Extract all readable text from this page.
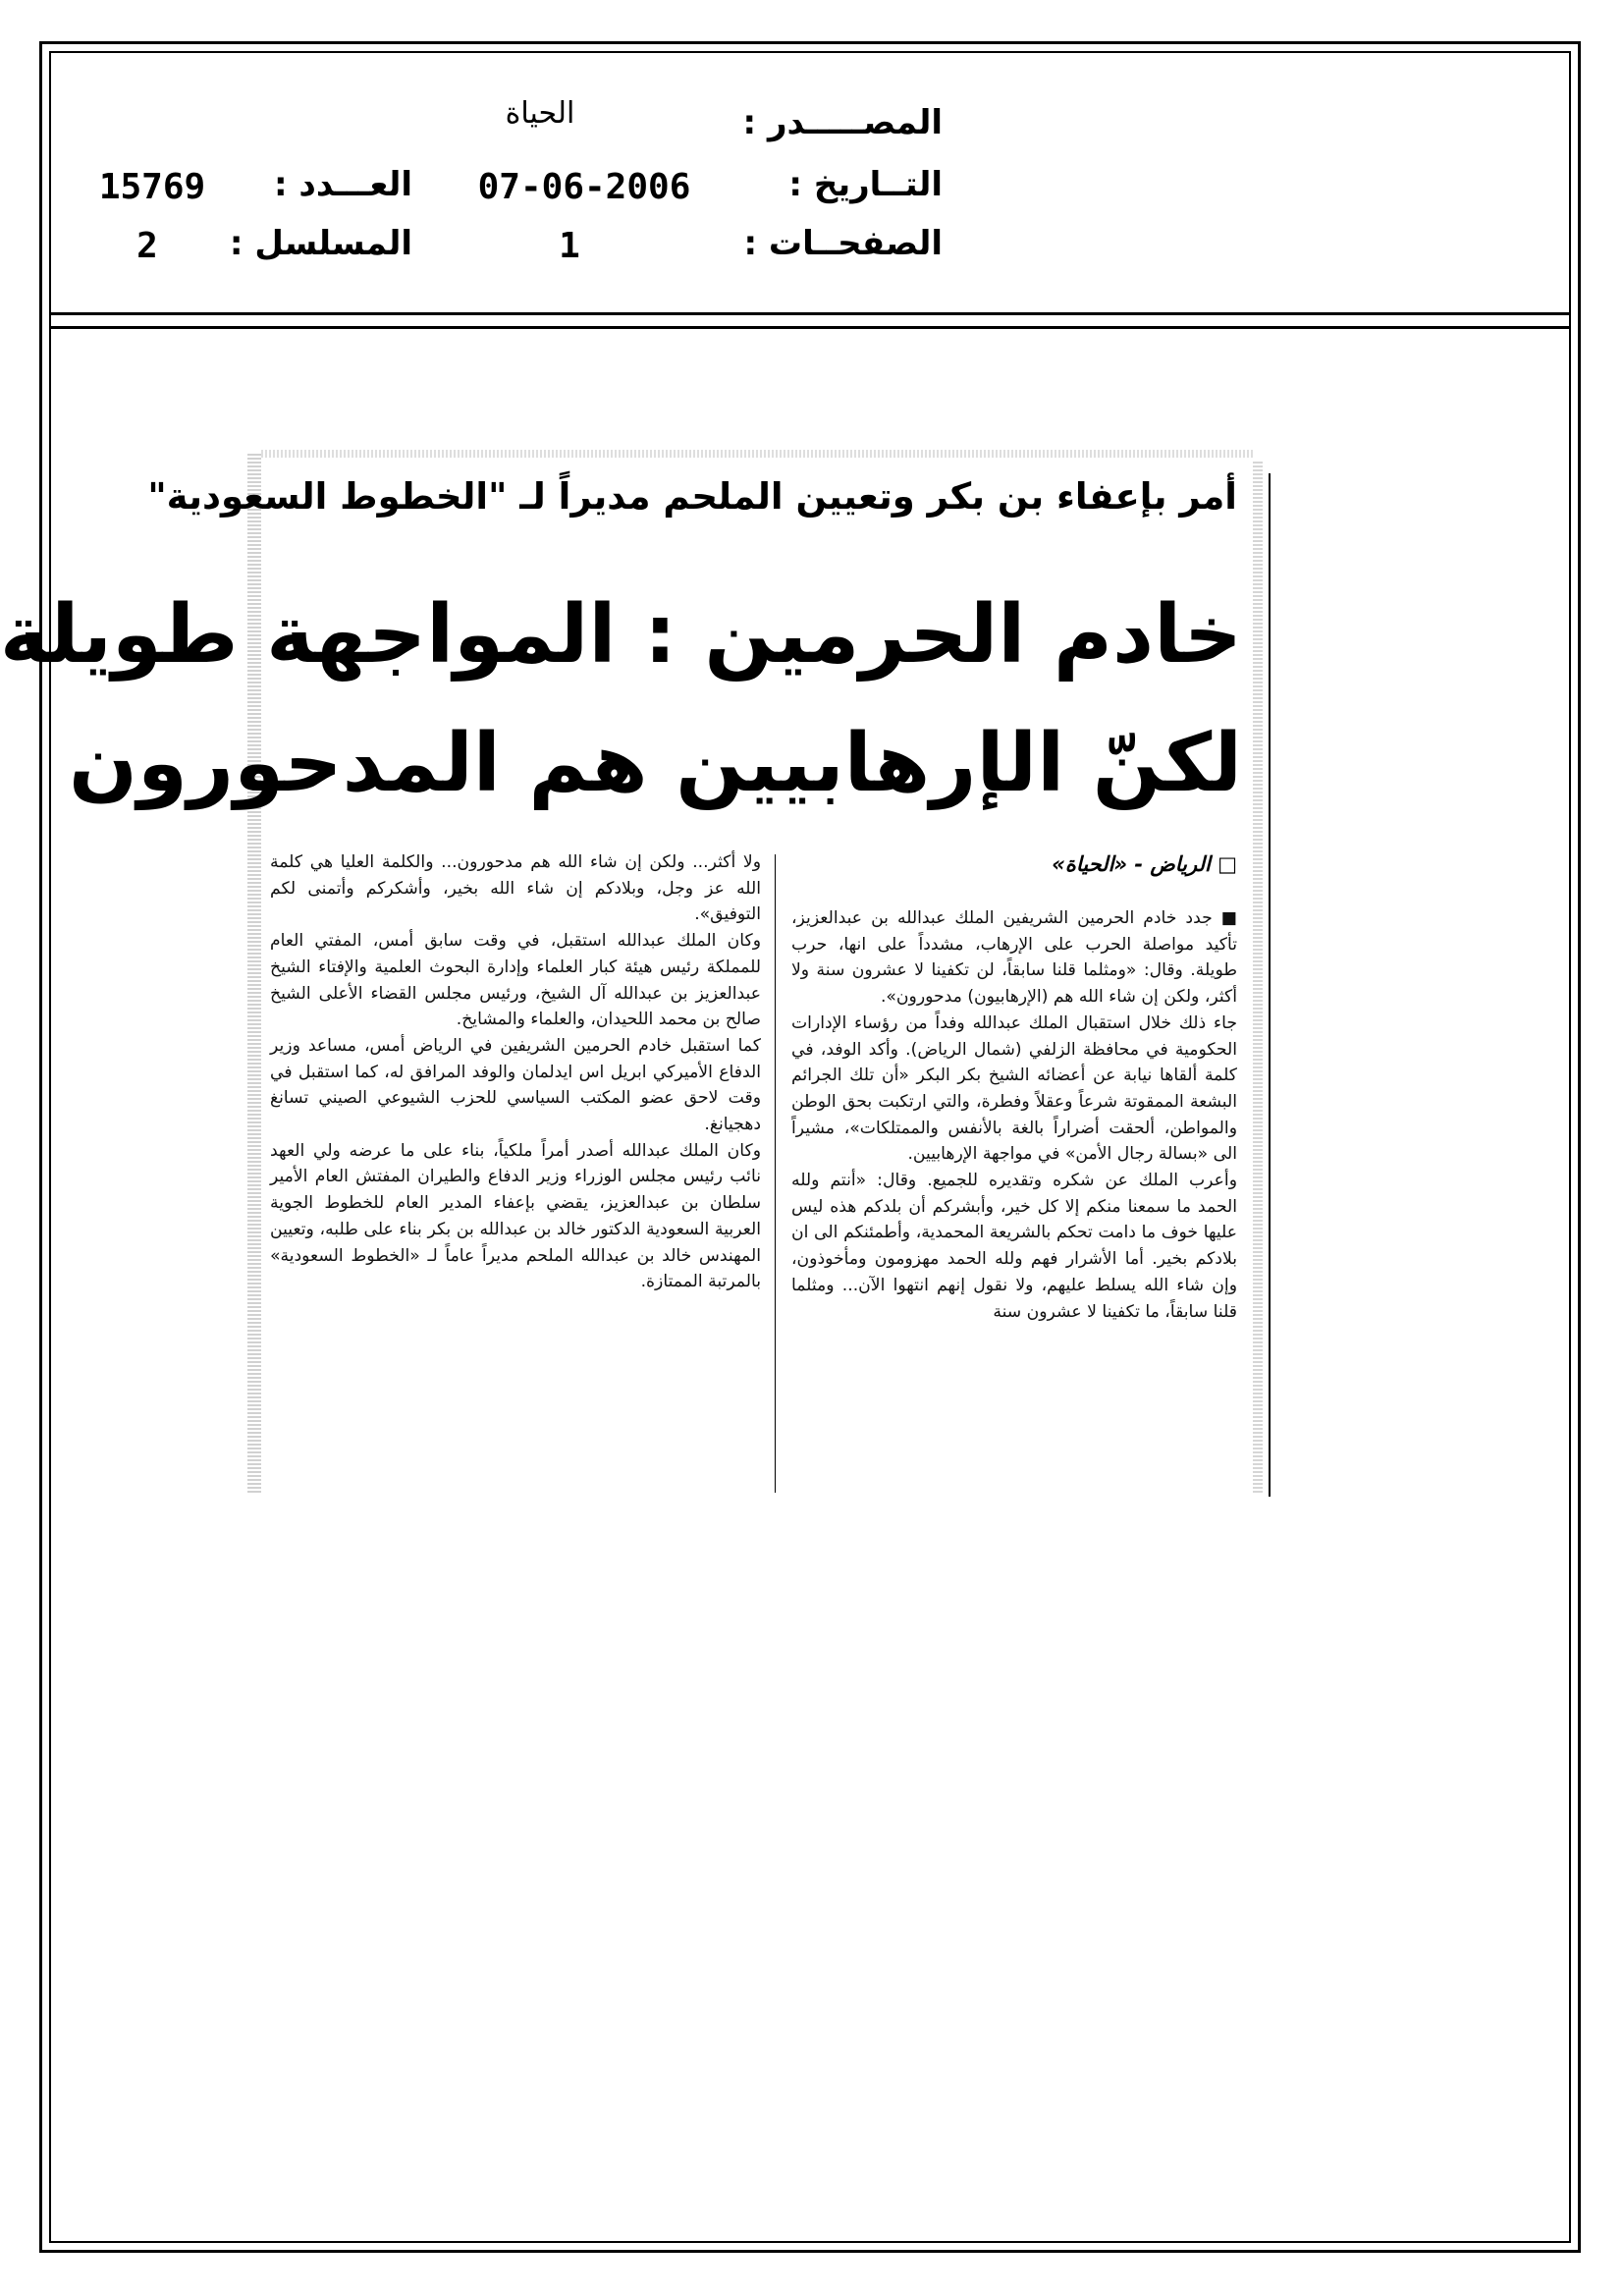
المصـــــدر :
الحياة
التــاريخ :
07-06-2006
العـــدد :
15769
الصفحــات :
1
المسلسل :
2
أمر بإعفاء بن بكر وتعيين الملحم مديراً لـ "الخطوط السعودية"
خادم الحرمين : المواجهة طويلة
لكنّ الإرهابيين هم المدحورون
□ الرياض - «الحياة»

■ جدد خادم الحرمين الشريفين الملك عبدالله بن عبدالعزيز، تأكيد مواصلة الحرب على الإرهاب، مشدداً على انها، حرب طويلة. وقال: «ومثلما قلنا سابقاً، لن تكفينا لا عشرون سنة ولا أكثر، ولكن إن شاء الله هم (الإرهابيون) مدحورون».

جاء ذلك خلال استقبال الملك عبدالله وفداً من رؤساء الإدارات الحكومية في محافظة الزلفي (شمال الرياض). وأكد الوفد، في كلمة ألقاها نيابة عن أعضائه الشيخ بكر البكر «أن تلك الجرائم البشعة الممقوتة شرعاً وعقلاً وفطرة، والتي ارتكبت بحق الوطن والمواطن، ألحقت أضراراً بالغة بالأنفس والممتلكات»، مشيراً الى «بسالة رجال الأمن» في مواجهة الإرهابيين.

وأعرب الملك عن شكره وتقديره للجميع. وقال: «أنتم ولله الحمد ما سمعنا منكم إلا كل خير، وأبشركم أن بلدكم هذه ليس عليها خوف ما دامت تحكم بالشريعة المحمدية، وأطمئنكم الى ان بلادكم بخير. أما الأشرار فهم ولله الحمد مهزومون ومأخوذون، وإن شاء الله يسلط عليهم، ولا نقول إنهم انتهوا الآن... ومثلما قلنا سابقاً، ما تكفينا لا عشرون سنة

ولا أكثر... ولكن إن شاء الله هم مدحورون... والكلمة العليا هي كلمة الله عز وجل، وبلادكم إن شاء الله بخير، وأشكركم وأتمنى لكم التوفيق».

وكان الملك عبدالله استقبل، في وقت سابق أمس، المفتي العام للمملكة رئيس هيئة كبار العلماء وإدارة البحوث العلمية والإفتاء الشيخ عبدالعزيز بن عبدالله آل الشيخ، ورئيس مجلس القضاء الأعلى الشيخ صالح بن محمد اللحيدان، والعلماء والمشايخ.

كما استقبل خادم الحرمين الشريفين في الرياض أمس، مساعد وزير الدفاع الأميركي ابريل اس ايدلمان والوفد المرافق له، كما استقبل في وقت لاحق عضو المكتب السياسي للحزب الشيوعي الصيني تسانغ دهجيانغ.

وكان الملك عبدالله أصدر أمراً ملكياً، بناء على ما عرضه ولي العهد نائب رئيس مجلس الوزراء وزير الدفاع والطيران المفتش العام الأمير سلطان بن عبدالعزيز، يقضي بإعفاء المدير العام للخطوط الجوية العربية السعودية الدكتور خالد بن عبدالله بن بكر بناء على طلبه، وتعيين المهندس خالد بن عبدالله الملحم مديراً عاماً لـ «الخطوط السعودية» بالمرتبة الممتازة.
